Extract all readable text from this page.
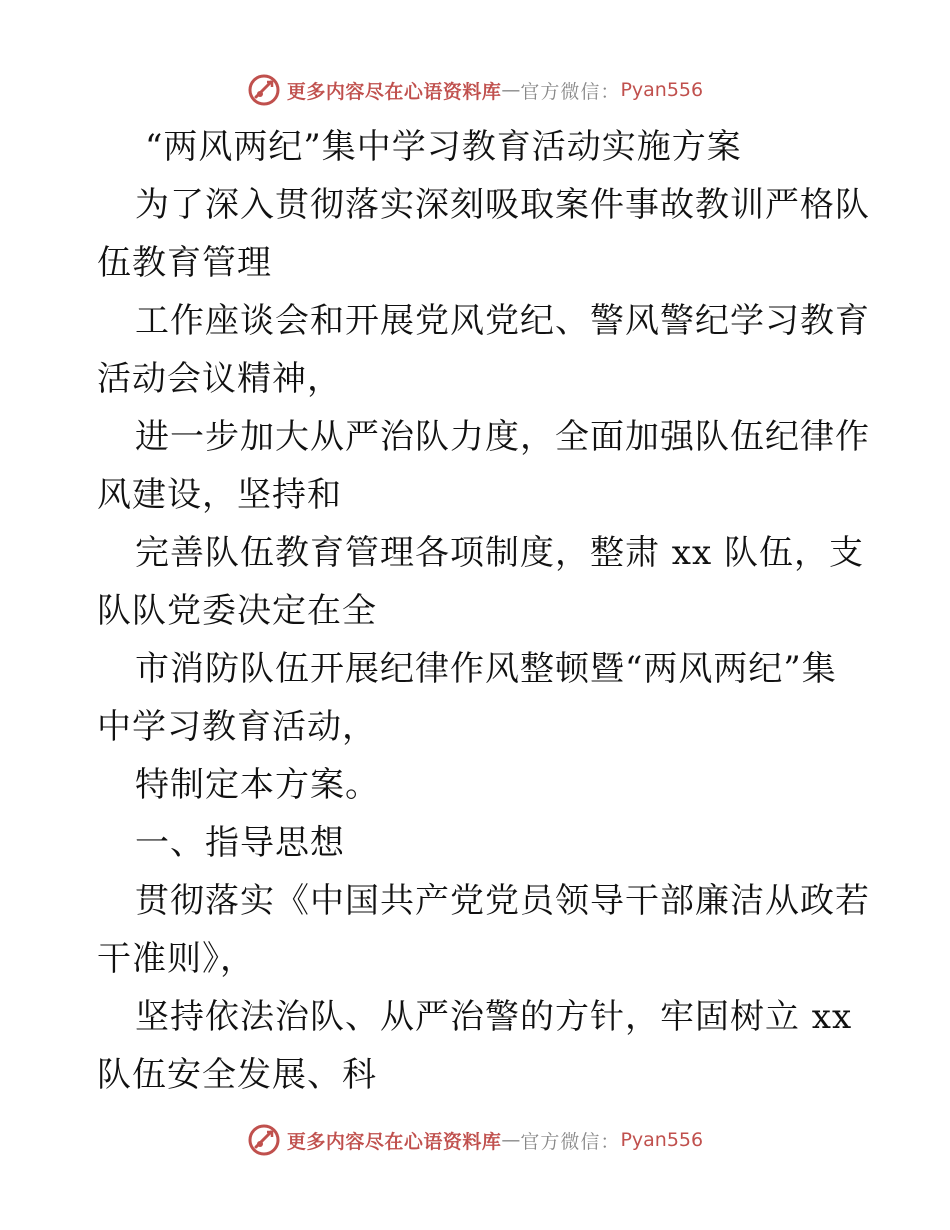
更多内容尽在心语资料库 — 官方微信： Pyan556
“两风两纪”集中学习教育活动实施方案
为了深入贯彻落实深刻吸取案件事故教训严格队
伍教育管理
工作座谈会和开展党风党纪、警风警纪学习教育
活动会议精神，
进一步加大从严治队力度，全面加强队伍纪律作
风建设，坚持和
完善队伍教育管理各项制度，整肃 xx 队伍，支
队队党委决定在全
市消防队伍开展纪律作风整顿暨“两风两纪”集
中学习教育活动，
特制定本方案。
一、指导思想
贯彻落实《中国共产党党员领导干部廉洁从政若
干准则》，
坚持依法治队、从严治警的方针，牢固树立 xx
队伍安全发展、科
更多内容尽在心语资料库 — 官方微信： Pyan556
